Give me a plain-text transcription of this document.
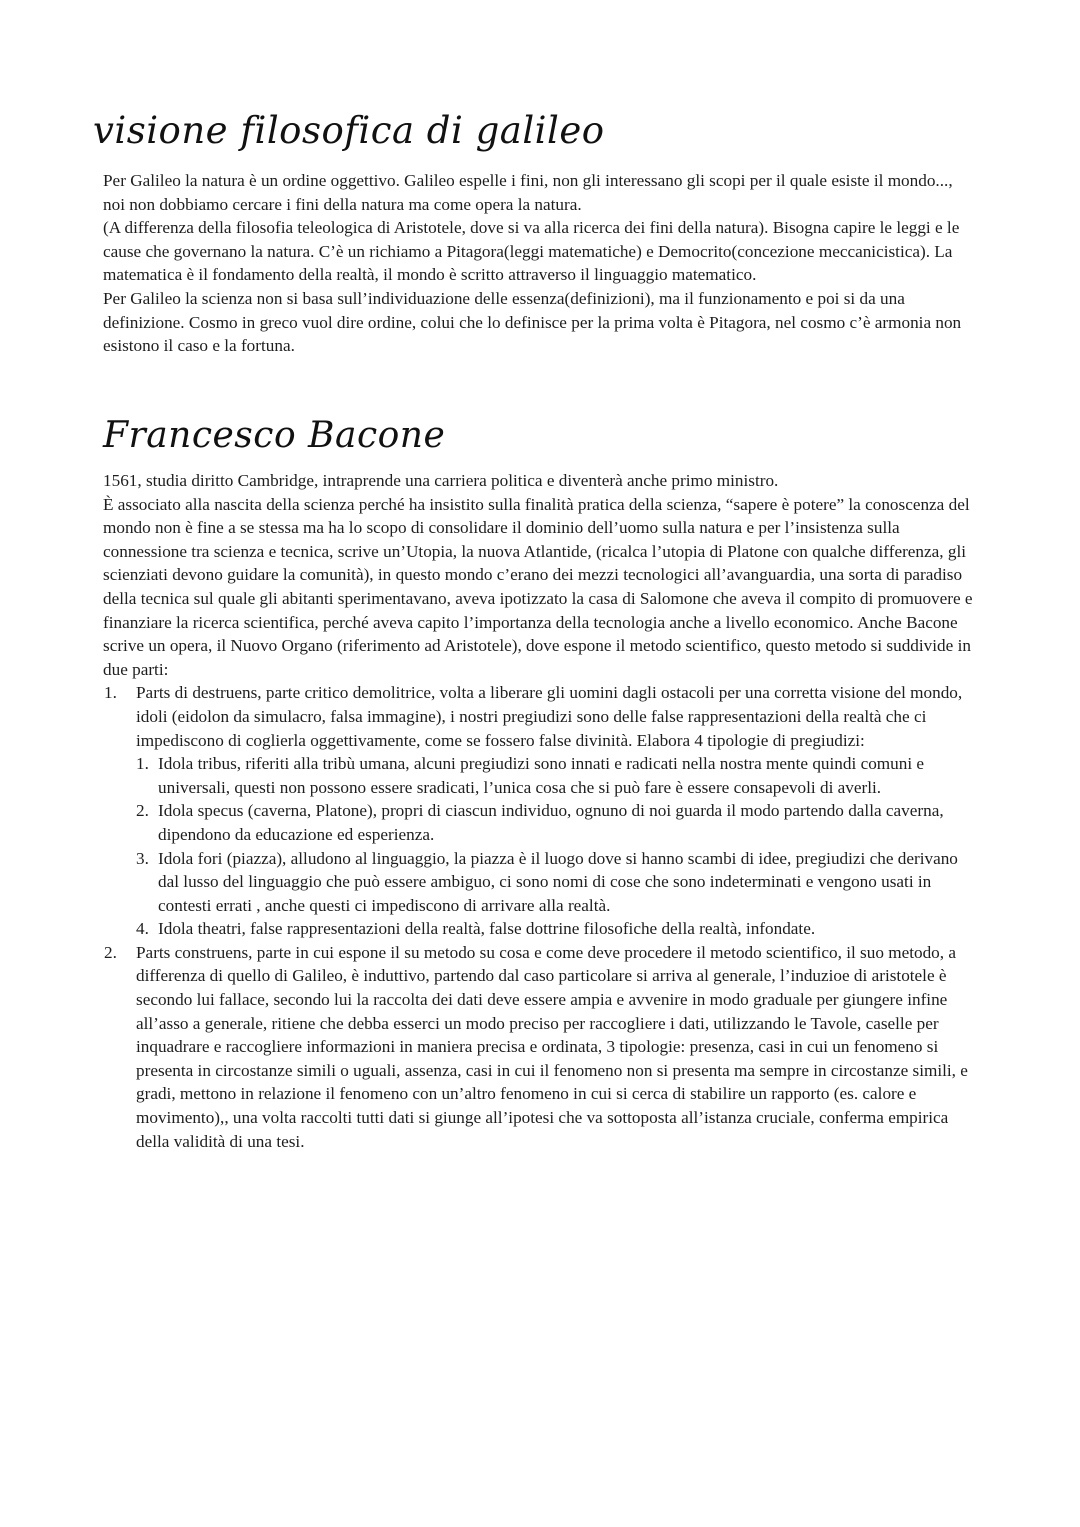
visione filosofica di galileo

Per Galileo la natura è un ordine oggettivo. Galileo espelle i fini, non gli interessano gli scopi per il quale esiste il mondo..., noi non dobbiamo cercare i fini della natura ma come opera la natura.

(A differenza della filosofia teleologica di Aristotele, dove si va alla ricerca dei fini della natura). Bisogna capire le leggi e le cause che governano la natura. C’è un richiamo a Pitagora(leggi matematiche) e Democrito(concezione meccanicistica). La matematica è il fondamento della realtà, il mondo è scritto attraverso il linguaggio matematico.

Per Galileo la scienza non si basa sull’individuazione delle essenza(definizioni), ma il funzionamento e poi si da una definizione. Cosmo in greco vuol dire ordine, colui che lo definisce per la prima volta è Pitagora, nel cosmo c’è armonia non esistono il caso e la fortuna.

Francesco Bacone

1561, studia diritto Cambridge, intraprende una carriera politica e diventerà anche primo ministro.

È associato alla nascita della scienza perché ha insistito sulla finalità pratica della scienza, “sapere è potere” la conoscenza del mondo non è fine a se stessa ma ha lo scopo di consolidare il dominio dell’uomo sulla natura e per l’insistenza sulla connessione tra scienza e tecnica, scrive un’Utopia, la nuova Atlantide, (ricalca l’utopia di Platone con qualche differenza, gli scienziati devono guidare la comunità), in questo mondo c’erano dei mezzi tecnologici all’avanguardia, una sorta di paradiso della tecnica sul quale gli abitanti sperimentavano, aveva ipotizzato la casa di Salomone che aveva il compito di promuovere e finanziare la ricerca scientifica, perché aveva capito l’importanza della tecnologia anche a livello economico. Anche Bacone scrive un opera, il Nuovo Organo (riferimento ad Aristotele), dove espone il metodo scientifico, questo metodo si suddivide in due parti:

1. Parts di destruens, parte critico demolitrice, volta a liberare gli uomini dagli ostacoli per una corretta visione del mondo, idoli (eidolon da simulacro, falsa immagine), i nostri pregiudizi sono delle false rappresentazioni della realtà che ci impediscono di coglierla oggettivamente, come se fossero false divinità. Elabora 4 tipologie di pregiudizi:
1. Idola tribus, riferiti alla tribù umana, alcuni pregiudizi sono innati e radicati nella nostra mente quindi comuni e universali, questi non possono essere sradicati, l’unica cosa che si può fare è essere consapevoli di averli.
2. Idola specus (caverna, Platone), propri di ciascun individuo, ognuno di noi guarda il modo partendo dalla caverna, dipendono da educazione ed esperienza.
3. Idola fori (piazza), alludono al linguaggio, la piazza è il luogo dove si hanno scambi di idee, pregiudizi che derivano dal lusso del linguaggio che può essere ambiguo, ci sono nomi di cose che sono indeterminati e vengono usati in contesti errati , anche questi ci impediscono di arrivare alla realtà.
4. Idola theatri, false rappresentazioni della realtà, false dottrine filosofiche della realtà, infondate.
2. Parts construens, parte in cui espone il su metodo su cosa e come deve procedere il metodo scientifico, il suo metodo, a differenza di quello di Galileo, è induttivo, partendo dal caso particolare si arriva al generale, l’induzioe di aristotele è secondo lui fallace, secondo lui la raccolta dei dati deve essere ampia e avvenire in modo graduale per giungere infine all’asso a generale, ritiene che debba esserci un modo preciso per raccogliere i dati, utilizzando le Tavole, caselle per inquadrare e raccogliere informazioni in maniera precisa e ordinata, 3 tipologie: presenza, casi in cui un fenomeno si presenta in circostanze simili o uguali, assenza, casi in cui il fenomeno non si presenta ma sempre in circostanze simili, e gradi, mettono in relazione il fenomeno con un’altro fenomeno in cui si cerca di stabilire un rapporto (es. calore e movimento),, una volta raccolti tutti dati si giunge all’ipotesi che va sottoposta all’istanza cruciale, conferma empirica della validità di una tesi.
